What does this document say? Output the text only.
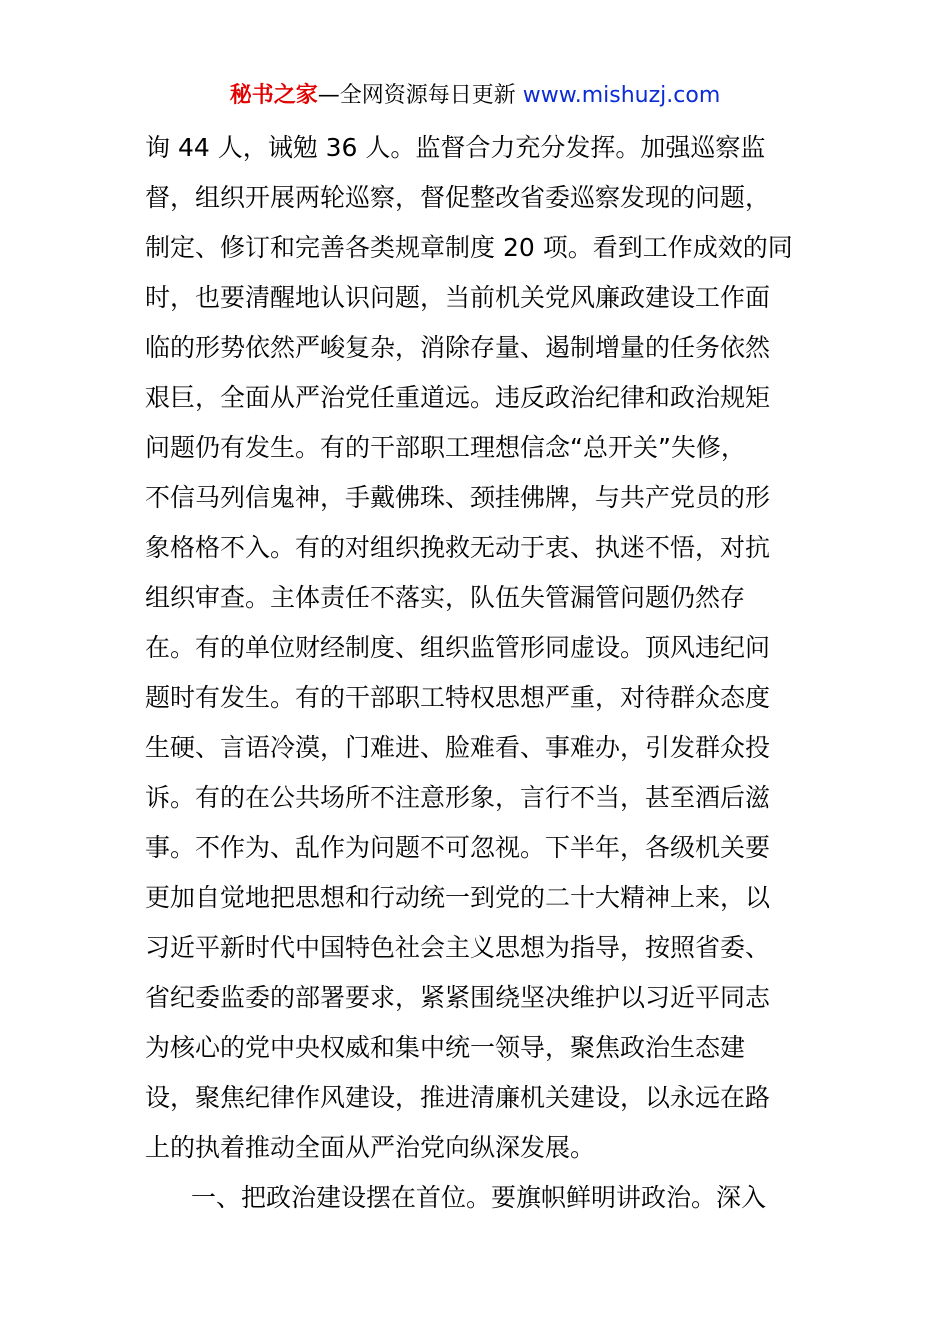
秘书之家—全网资源每日更新 www.mishuzj.com
询 44 人，诫勉 36 人。监督合力充分发挥。加强巡察监
督，组织开展两轮巡察，督促整改省委巡察发现的问题，
制定、修订和完善各类规章制度 20 项。看到工作成效的同
时，也要清醒地认识问题，当前机关党风廉政建设工作面
临的形势依然严峻复杂，消除存量、遏制增量的任务依然
艰巨，全面从严治党任重道远。违反政治纪律和政治规矩
问题仍有发生。有的干部职工理想信念“总开关”失修，
不信马列信鬼神，手戴佛珠、颈挂佛牌，与共产党员的形
象格格不入。有的对组织挽救无动于衷、执迷不悟，对抗
组织审查。主体责任不落实，队伍失管漏管问题仍然存
在。有的单位财经制度、组织监管形同虚设。顶风违纪问
题时有发生。有的干部职工特权思想严重，对待群众态度
生硬、言语冷漠，门难进、脸难看、事难办，引发群众投
诉。有的在公共场所不注意形象，言行不当，甚至酒后滋
事。不作为、乱作为问题不可忽视。下半年，各级机关要
更加自觉地把思想和行动统一到党的二十大精神上来，以
习近平新时代中国特色社会主义思想为指导，按照省委、
省纪委监委的部署要求，紧紧围绕坚决维护以习近平同志
为核心的党中央权威和集中统一领导，聚焦政治生态建
设，聚焦纪律作风建设，推进清廉机关建设，以永远在路
上的执着推动全面从严治党向纵深发展。
一、把政治建设摆在首位。要旗帜鲜明讲政治。深入
